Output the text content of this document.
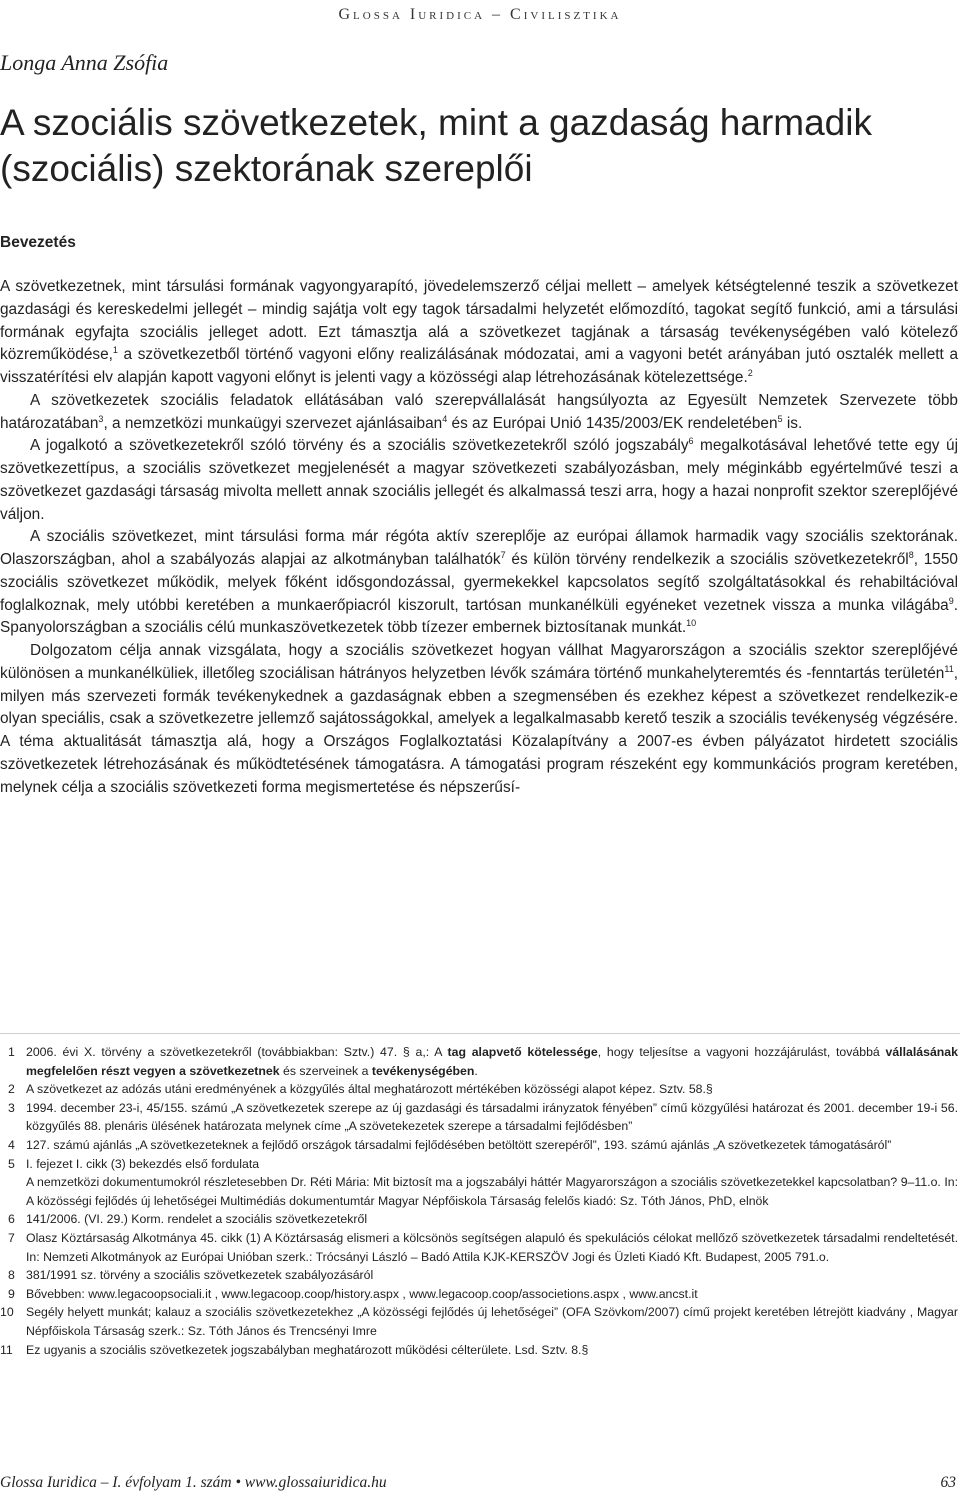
Glossa Iuridica – Civilisztika
Longa Anna Zsófia
A szociális szövetkezetek, mint a gazdaság harmadik
(szociális) szektorának szereplői
Bevezetés

A szövetkezetnek, mint társulási formának vagyongyarapító, jövedelemszerző céljai mellett – amelyek kétségtelenné teszik a szövetkezet gazdasági és kereskedelmi jellegét – mindig sajátja volt egy tagok társadalmi helyzetét előmozdító, tagokat segítő funkció, ami a társulási formának egyfajta szociális jelleget adott. Ezt támasztja alá a szövetkezet tagjának a társaság tevékenységében való kötelező közreműködése,$^1$ a szövetkezetből történő vagyoni előny realizálásának módozatai, ami a vagyoni betét arányában jutó osztalék mellett a visszatérítési elv alapján kapott vagyoni előnyt is jelenti vagy a közösségi alap létrehozásának kötelezettsége.$^2$

A szövetkezetek szociális feladatok ellátásában való szerepvállalását hangsúlyozta az Egyesült Nemzetek Szervezete több határozatában$^3$, a nemzetközi munkaügyi szervezet ajánlásaiban$^4$ és az Európai Unió 1435/2003/EK rendeletében$^5$ is.

A jogalkotó a szövetkezetekről szóló törvény és a szociális szövetkezetekről szóló jogszabály$^6$ megalkotásával lehetővé tette egy új szövetkezettípus, a szociális szövetkezet megjelenését a magyar szövetkezeti szabályozásban, mely méginkább egyértelművé teszi a szövetkezet gazdasági társaság mivolta mellett annak szociális jellegét és alkalmassá teszi arra, hogy a hazai nonprofit szektor szereplőjévé váljon.

A szociális szövetkezet, mint társulási forma már régóta aktív szereplője az európai államok harmadik vagy szociális szektorának. Olaszországban, ahol a szabályozás alapjai az alkotmányban találhatók$^7$ és külön törvény rendelkezik a szociális szövetkezetekről$^8$, 1550 szociális szövetkezet működik, melyek főként idősgondozással, gyermekekkel kapcsolatos segítő szolgáltatásokkal és rehabiltációval foglalkoznak, mely utóbbi keretében a munkaerőpiacról kiszorult, tartósan munkanélküli egyéneket vezetnek vissza a munka világába$^9$. Spanyolországban a szociális célú munkaszövetkezetek több tízezer embernek biztosítanak munkát.$^{10}$

Dolgozatom célja annak vizsgálata, hogy a szociális szövetkezet hogyan vállhat Magyarországon a szociális szektor szereplőjévé különösen a munkanélküliek, illetőleg szociálisan hátrányos helyzetben lévők számára történő munkahelyteremtés és -fenntartás területén$^{11}$, milyen más szervezeti formák tevékenykednek a gazdaságnak ebben a szegmensében és ezekhez képest a szövetkezet rendelkezik-e olyan speciális, csak a szövetkezetre jellemző sajátosságokkal, amelyek a legalkalmasabb kerető teszik a szociális tevékenység végzésére. A téma aktualitását támasztja alá, hogy a Országos Foglalkoztatási Közalapítvány a 2007-es évben pályázatot hirdetett szociális szövetkezetek létrehozásának és működtetésének támogatásra. A támogatási program részeként egy kommunkációs program keretében, melynek célja a szociális szövetkezeti forma megismertetése és népszerűsí-

1 2006. évi X. törvény a szövetkezetekről (továbbiakban: Sztv.) 47. § a,: A tag alapvető kötelessége, hogy teljesítse a vagyoni hozzájárulást, továbbá vállalásának megfelelően részt vegyen a szövetkezetnek és szerveinek a tevékenységében.
2 A szövetkezet az adózás utáni eredményének a közgyűlés által meghatározott mértékében közösségi alapot képez. Sztv. 58.§
3 1994. december 23-i, 45/155. számú „A szövetkezetek szerepe az új gazdasági és társadalmi irányzatok fényében” című közgyűlési határozat és 2001. december 19-i 56. közgyűlés 88. plenáris ülésének határozata melynek címe „A szövetekezetek szerepe a társadalmi fejlődésben”
4 127. számú ajánlás „A szövetkezeteknek a fejlődő országok társadalmi fejlődésében betöltött szerepéről”, 193. számú ajánlás „A szövetkezetek támogatásáról”
5 I. fejezet I. cikk (3) bekezdés első fordulata
A nemzetközi dokumentumokról részletesebben Dr. Réti Mária: Mit biztosít ma a jogszabályi háttér Magyarországon a szociális szövetkezetekkel kapcsolatban? 9–11.o. In: A közösségi fejlődés új lehetőségei Multimédiás dokumentumtár Magyar Népfőiskola Társaság felelős kiadó: Sz. Tóth János, PhD, elnök
6 141/2006. (VI. 29.) Korm. rendelet a szociális szövetkezetekről
7 Olasz Köztársaság Alkotmánya 45. cikk (1) A Köztársaság elismeri a kölcsönös segítségen alapuló és spekulációs célokat mellőző szövetkezetek társadalmi rendeltetését. In: Nemzeti Alkotmányok az Európai Unióban szerk.: Trócsányi László – Badó Attila KJK-KERSZÖV Jogi és Üzleti Kiadó Kft. Budapest, 2005 791.o.
8 381/1991 sz. törvény a szociális szövetkezetek szabályozásáról
9 Bővebben: www.legacoopsociali.it , www.legacoop.coop/history.aspx , www.legacoop.coop/associetions.aspx , www.ancst.it
10	Segély helyett munkát; kalauz a szociális szövetkezetekhez „A közösségi fejlődés új lehetőségei” (OFA Szövkom/2007) című projekt keretében létrejött kiadvány , Magyar Népfőiskola Társaság szerk.: Sz. Tóth János és Trencsényi Imre
11	Ez ugyanis a szociális szövetkezetek jogszabályban meghatározott működési célterülete. Lsd. Sztv. 8.§
Glossa Iuridica – I. évfolyam 1. szám • www.glossaiuridica.hu	63
